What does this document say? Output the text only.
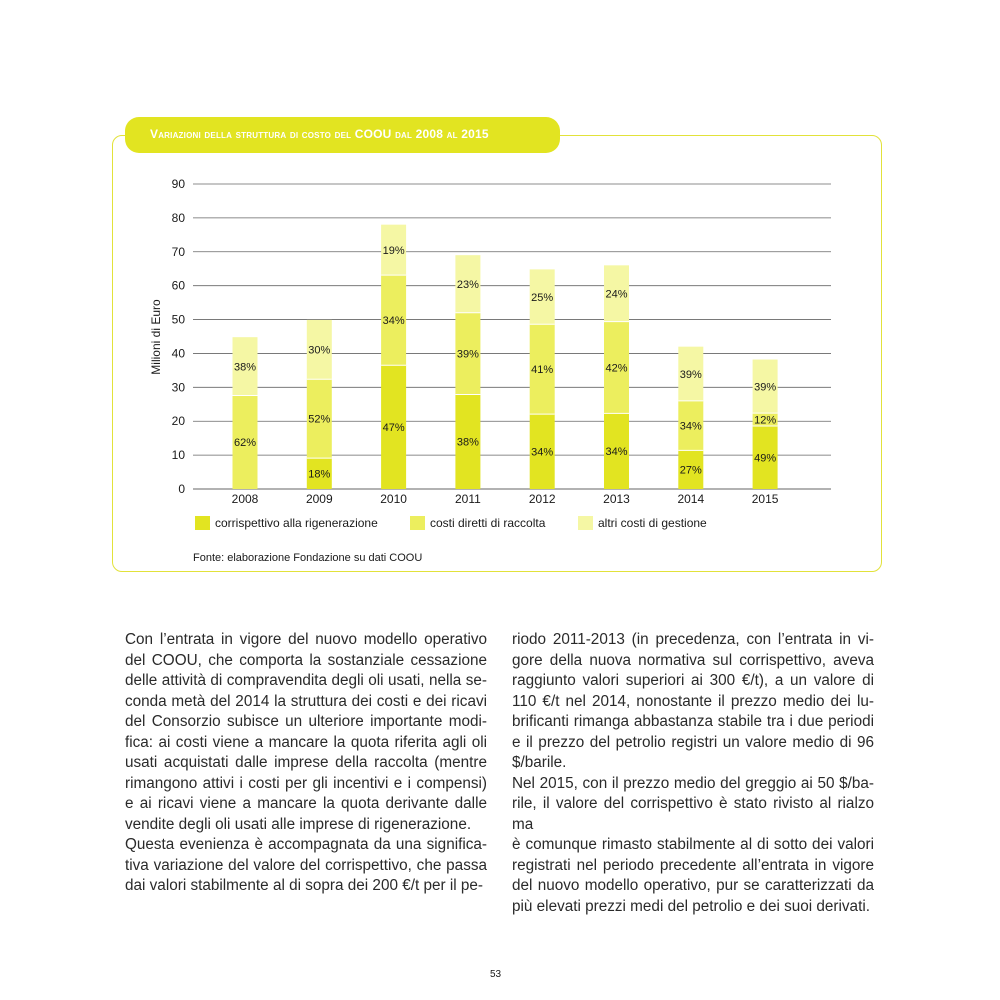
Variazioni della struttura di costo del COOU dal 2008 al 2015
Milioni di Euro
0
10
20
30
40
50
60
70
80
90
62%
38%
2008
18%
52%
30%
2009
47%
34%
19%
2010
38%
39%
23%
2011
34%
41%
25%
2012
34%
42%
24%
2013
27%
34%
39%
2014
49%
12%
39%
2015
corrispettivo alla rigenerazione	costi diretti di raccolta	altri costi di gestione
Fonte: elaborazione Fondazione su dati COOU

Con l’entrata in vigore del nuovo modello operativo

del COOU, che comporta la sostanziale cessazione

delle attività di compravendita degli oli usati, nella se-

conda metà del 2014 la struttura dei costi e dei ricavi

del Consorzio subisce un ulteriore importante modi-

fica: ai costi viene a mancare la quota riferita agli oli

usati acquistati dalle imprese della raccolta (mentre

rimangono attivi i costi per gli incentivi e i compensi)

e ai ricavi viene a mancare la quota derivante dalle

vendite degli oli usati alle imprese di rigenerazione.

Questa evenienza è accompagnata da una significa-

tiva variazione del valore del corrispettivo, che passa

dai valori stabilmente al di sopra dei 200 €/t per il pe-

riodo 2011-2013 (in precedenza, con l’entrata in vi-

gore della nuova normativa sul corrispettivo, aveva

raggiunto valori superiori ai 300 €/t), a un valore di

110 €/t nel 2014, nonostante il prezzo medio dei lu-

brificanti rimanga abbastanza stabile tra i due periodi

e il prezzo del petrolio registri un valore medio di 96

$/barile.

Nel 2015, con il prezzo medio del greggio ai 50 $/ba-

rile, il valore del corrispettivo è stato rivisto al rialzo ma

è comunque rimasto stabilmente al di sotto dei valori

registrati nel periodo precedente all’entrata in vigore

del nuovo modello operativo, pur se caratterizzati da

più elevati prezzi medi del petrolio e dei suoi derivati.

53
